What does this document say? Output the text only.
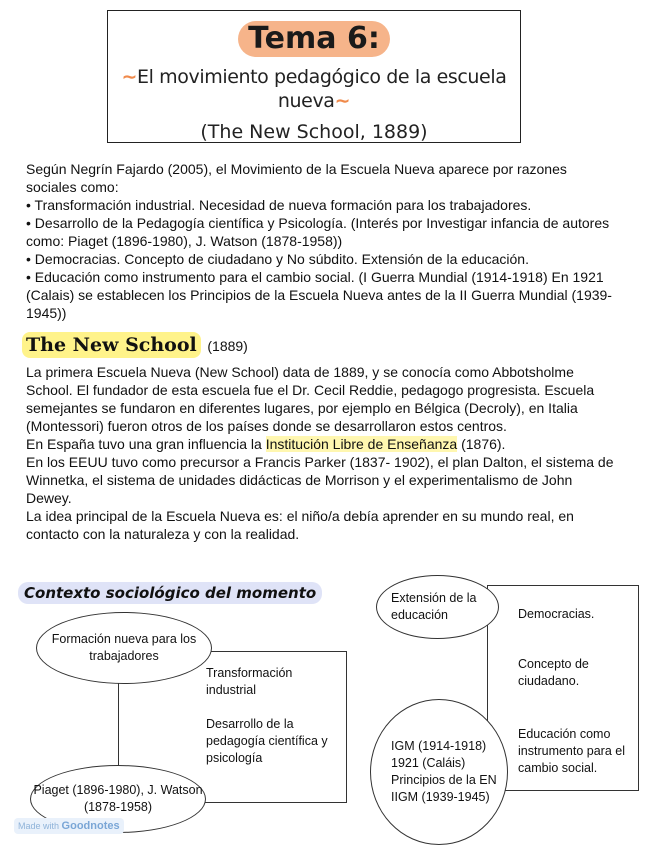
Tema 6:
∼El movimiento pedagógico de la escuela nueva∼
(The New School, 1889)

Según Negrín Fajardo (2005), el Movimiento de la Escuela Nueva aparece por razones sociales como:

• Transformación industrial. Necesidad de nueva formación para los trabajadores.

• Desarrollo de la Pedagogía científica y Psicología. (Interés por Investigar infancia de autores como: Piaget (1896-1980), J. Watson (1878-1958))

• Democracias. Concepto de ciudadano y No súbdito. Extensión de la educación.

• Educación como instrumento para el cambio social. (I Guerra Mundial (1914-1918) En 1921 (Calais) se establecen los Principios de la Escuela Nueva antes de la II Guerra Mundial (1939-1945))

The New School (1889)

La primera Escuela Nueva (New School) data de 1889, y se conocía como Abbotsholme School. El fundador de esta escuela fue el Dr. Cecil Reddie, pedagogo progresista. Escuela semejantes se fundaron en diferentes lugares, por ejemplo en Bélgica (Decroly), en Italia (Montessori) fueron otros de los países donde se desarrollaron estos centros.

En España tuvo una gran influencia la Institución Libre de Enseñanza (1876).

En los EEUU tuvo como precursor a Francis Parker (1837- 1902), el plan Dalton, el sistema de Winnetka, el sistema de unidades didácticas de Morrison y el experimentalismo de John Dewey.

La idea principal de la Escuela Nueva es: el niño/a debía aprender en su mundo real, en contacto con la naturaleza y con la realidad.

Contexto sociológico del momento
Formación nueva para los trabajadores
Transformación industrial
Desarrollo de la pedagogía científica y psicología
Piaget (1896-1980), J. Watson (1878-1958)
Extensión de la educación	Democracias.
Concepto de ciudadano.
IGM (1914-1918) 1921 (Caláis) Principios de la EN IIGM (1939-1945)
Educación como instrumento para el cambio social.
Made with Goodnotes
